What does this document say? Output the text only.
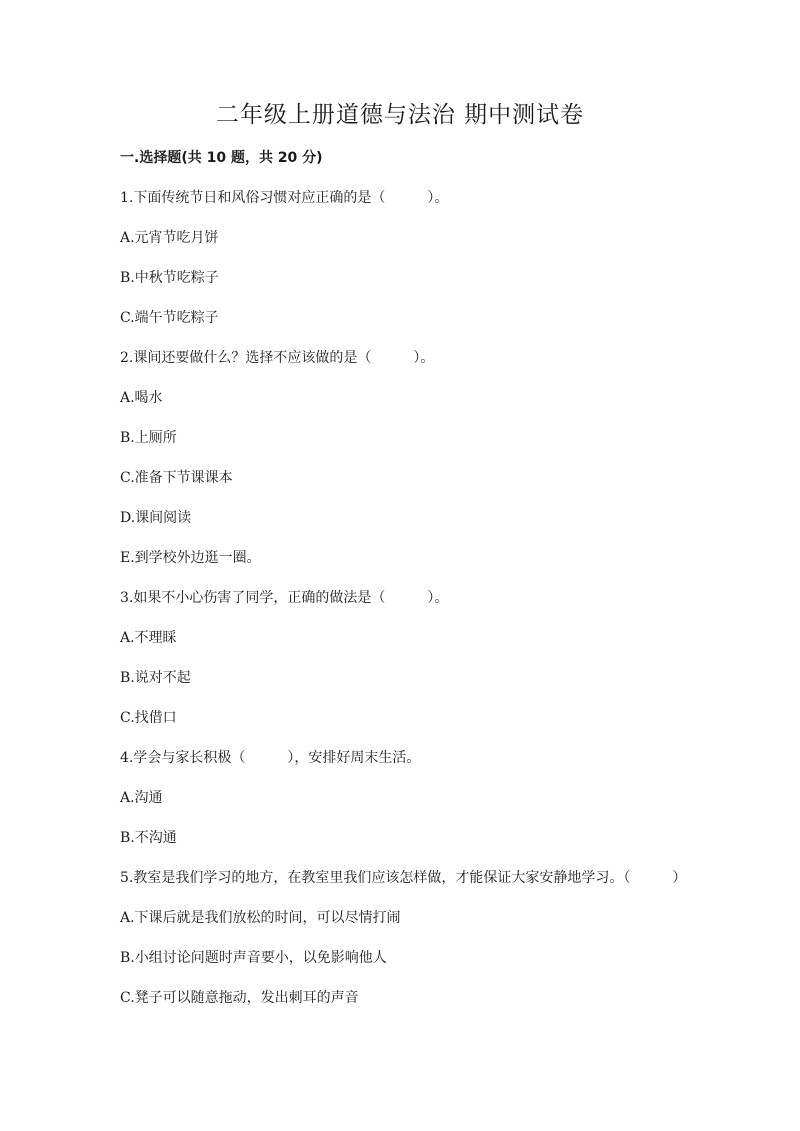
二年级上册道德与法治 期中测试卷
一.选择题(共 10 题，共 20 分)
1.下面传统节日和风俗习惯对应正确的是（　　　）。
A.元宵节吃月饼
B.中秋节吃粽子
C.端午节吃粽子
2.课间还要做什么？选择不应该做的是（　　　）。
A.喝水
B.上厕所
C.准备下节课课本
D.课间阅读
E.到学校外边逛一圈。
3.如果不小心伤害了同学，正确的做法是（　　　）。
A.不理睬
B.说对不起
C.找借口
4.学会与家长积极（　　　），安排好周末生活。
A.沟通
B.不沟通
5.教室是我们学习的地方，在教室里我们应该怎样做，才能保证大家安静地学习。（　　　）
A.下课后就是我们放松的时间，可以尽情打闹
B.小组讨论问题时声音要小，以免影响他人
C.凳子可以随意拖动，发出刺耳的声音
